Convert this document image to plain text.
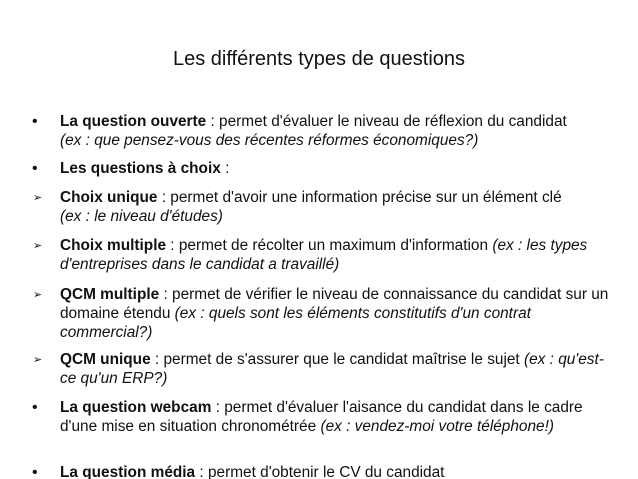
Les différents types de questions
•	La question ouverte : permet d'évaluer le niveau de réflexion du candidat
(ex : que pensez-vous des récentes réformes économiques?)
•	Les questions à choix :
➢	Choix unique : permet d'avoir une information précise sur un élément clé
(ex : le niveau d'études)
➢	Choix multiple : permet de récolter un maximum d'information (ex : les types d'entreprises dans le candidat a travaillé)
➢	QCM multiple : permet de vérifier le niveau de connaissance du candidat sur un domaine étendu (ex : quels sont les éléments constitutifs d'un contrat commercial?)
➢	QCM unique : permet de s'assurer que le candidat maîtrise le sujet (ex : qu'est-ce qu'un ERP?)
•	La question webcam : permet d'évaluer l'aisance du candidat dans le cadre d'une mise en situation chronométrée (ex : vendez-moi votre téléphone!)
•	La question média : permet d'obtenir le CV du candidat
